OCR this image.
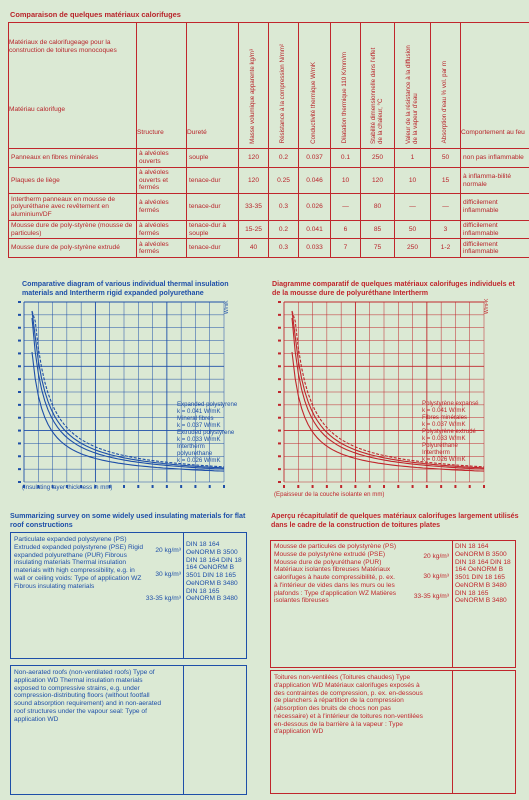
Comparaison de quelques matériaux calorifuges
Matériaux de calorifugeage pour la construction de toitures monocoques
Matériau calorifuge	Structure	Dureté	Masse volumique apparente kg/m³	Résistance à la compression N/mm²	Conductivité thermique W/mK	Dilatation thermique 110 K/mm/m	Stabilité dimensionnelle dans l'effet de la chaleur, °C	Valeur de la résistance à la diffusion de la vapeur d'eau	Absorption d'eau % vol. par m	Comportement au feu
Panneaux en fibres minérales	à alvéoles ouverts	souple	120	0.2	0.037	0.1	250	1	50	non pas inflammable
Plaques de liège	à alvéoles ouverts et fermés	tenace-dur	120	0.25	0.046	10	120	10	15	à inflamma-bilité normale
Intertherm panneaux en mousse de polyuréthane avec revêtement en aluminium/DF	à alvéoles fermés	tenace-dur	33-35	0.3	0.026	—	80	—	—	difficilement inflammable
Mousse dure de poly-styrène (mousse de particules)	à alvéoles fermés	tenace-dur à souple	15-25	0.2	0.041	6	85	50	3	difficilement inflammable
Mousse dure de poly-styrène extrudé	à alvéoles fermés	tenace-dur	40	0.3	0.033	7	75	250	1-2	difficilement inflammable
Comparative diagram of various individual thermal insulation materials and Intertherm rigid expanded polyurethane
Diagramme comparatif de quelques matériaux calorifuges individuels et de la mousse dure de polyuréthane Intertherm
W/mK	W/m²K
Expanded polystyrene
k = 0.041 W/mK
Mineral fibres
k = 0.037 W/mK
Extruded polystyrene
k = 0.033 W/mK
Intertherm
polyurethane
k = 0.026 W/mK
Polystyrène expansé
k = 0.041 W/mK
Fibres minérales
k = 0.037 W/mK
Polystyrène extrudé
k = 0.033 W/mK
Polyuréthane
Intertherm
k = 0.026 W/mK
(Insulating layer thickness in mm)
(Epaisseur de la couche isolante en mm)
Summarizing survey on some widely used insulating materials for flat roof constructions
Particulate expanded polystyrene (PS) Extruded expanded polystyrene (PSE) Rigid expanded polyurethane (PUR) Fibrous insulating materials Thermal insulation materials with high compressibility, e.g. in wall or ceiling voids: Type of application WZ Fibrous insulating materials
20 kg/m³
30 kg/m³
33-35 kg/m³
DIN 18 164 OeNORM B 3500 DIN 18 164 DIN 18 164 OeNORM B 3501 DIN 18 165 OeNORM B 3480 DIN 18 165 OeNORM B 3480
Non-aerated roofs (non-ventilated roofs) Type of application WD Thermal insulation materials exposed to compressive strains, e.g. under compression-distributing floors (without footfall sound absorption requirement) and in non-aerated roof structures under the vapour seal: Type of application WD
Aperçu récapitulatif de quelques matériaux calorifuges largement utilisés dans le cadre de la construction de toitures plates
Mousse de particules de polystyrène (PS) Mousse de polystyrène extrudé (PSE) Mousse dure de polyuréthane (PUR) Matériaux isolantes fibreuses Matériaux calorifuges à haute compressibilité, p. ex. à l'intérieur de vides dans les murs ou les plafonds : Type d'application WZ Matières isolantes fibreuses
20 kg/m³
30 kg/m³
33-35 kg/m³
DIN 18 164 OeNORM B 3500 DIN 18 164 DIN 18 164 OeNORM B 3501 DIN 18 165 OeNORM B 3480 DIN 18 165 OeNORM B 3480
Toitures non-ventilées (Toitures chaudes) Type d'application WD Matériaux calorifuges exposés à des contraintes de compression, p. ex. en-dessous de planchers à répartition de la compression (absorption des bruits de chocs non pas nécessaire) et à l'intérieur de toitures non-ventilées en-dessous de la barrière à la vapeur : Type d'application WD
